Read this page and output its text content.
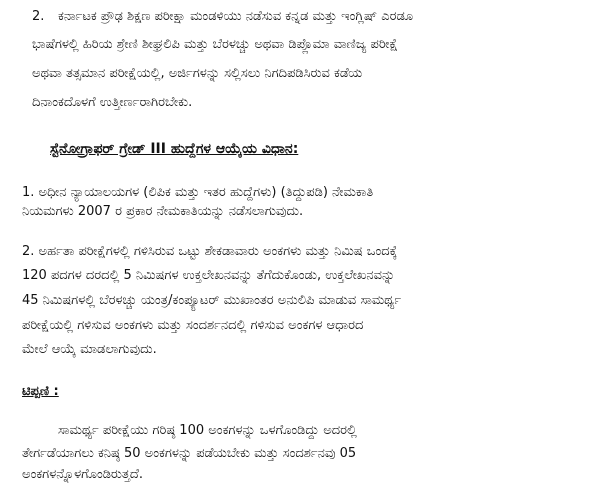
2. ಕರ್ನಾಟಕ ಪ್ರೌಢ ಶಿಕ್ಷಣ ಪರೀಕ್ಷಾ ಮಂಡಳಿಯು ನಡೆಸುವ ಕನ್ನಡ ಮತ್ತು ಇಂಗ್ಲಿಷ್ ಎರಡೂ
ಭಾಷೆಗಳಲ್ಲಿ ಹಿರಿಯ ಶ್ರೇಣಿ ಶೀಘ್ರಲಿಪಿ ಮತ್ತು ಬೆರಳಚ್ಚು ಅಥವಾ ಡಿಪ್ಲೊಮಾ ವಾಣಿಜ್ಯ ಪರೀಕ್ಷೆ
ಅಥವಾ ತತ್ಸಮಾನ ಪರೀಕ್ಷೆಯಲ್ಲಿ, ಅರ್ಜಿಗಳನ್ನು ಸಲ್ಲಿಸಲು ನಿಗದಿಪಡಿಸಿರುವ ಕಡೆಯ
ದಿನಾಂಕದೊಳಗೆ ಉತ್ತೀರ್ಣರಾಗಿರಬೇಕು.
ಸ್ಟೆನೋಗ್ರಾಫರ್ ಗ್ರೇಡ್ III ಹುದ್ದೆಗಳ ಆಯ್ಕೆಯ ವಿಧಾನ:
1. ಅಧೀನ ನ್ಯಾಯಾಲಯಗಳ (ಲಿಪಿಕ ಮತ್ತು ಇತರ ಹುದ್ದೆಗಳು) (ತಿದ್ದುಪಡಿ) ನೇಮಕಾತಿ
ನಿಯಮಗಳು 2007 ರ ಪ್ರಕಾರ ನೇಮಕಾತಿಯನ್ನು ನಡೆಸಲಾಗುವುದು.
2. ಅರ್ಹತಾ ಪರೀಕ್ಷೆಗಳಲ್ಲಿ ಗಳಿಸಿರುವ ಒಟ್ಟು ಶೇಕಡಾವಾರು ಅಂಕಗಳು ಮತ್ತು ನಿಮಿಷ ಒಂದಕ್ಕೆ
120 ಪದಗಳ ದರದಲ್ಲಿ 5 ನಿಮಿಷಗಳ ಉಕ್ತಲೇಖನವನ್ನು ತೆಗೆದುಕೊಂಡು, ಉಕ್ತಲೇಖನವನ್ನು
45 ನಿಮಿಷಗಳಲ್ಲಿ ಬೆರಳಚ್ಚು ಯಂತ್ರ/ಕಂಪ್ಯೂಟರ್ ಮುಖಾಂತರ ಅನುಲಿಪಿ ಮಾಡುವ ಸಾಮರ್ಥ್ಯ
ಪರೀಕ್ಷೆಯಲ್ಲಿ ಗಳಿಸುವ ಅಂಕಗಳು ಮತ್ತು ಸಂದರ್ಶನದಲ್ಲಿ ಗಳಿಸುವ ಅಂಕಗಳ ಆಧಾರದ
ಮೇಲೆ ಆಯ್ಕೆ ಮಾಡಲಾಗುವುದು.
ಟಿಪ್ಪಣಿ :
ಸಾಮರ್ಥ್ಯ ಪರೀಕ್ಷೆಯು ಗರಿಷ್ಠ 100 ಅಂಕಗಳನ್ನು ಒಳಗೊಂಡಿದ್ದು ಅದರಲ್ಲಿ
ತೇರ್ಗಡೆಯಾಗಲು ಕನಿಷ್ಠ 50 ಅಂಕಗಳನ್ನು ಪಡೆಯಬೇಕು ಮತ್ತು ಸಂದರ್ಶನವು 05
ಅಂಕಗಳನ್ನೊಳಗೊಂಡಿರುತ್ತದೆ.
